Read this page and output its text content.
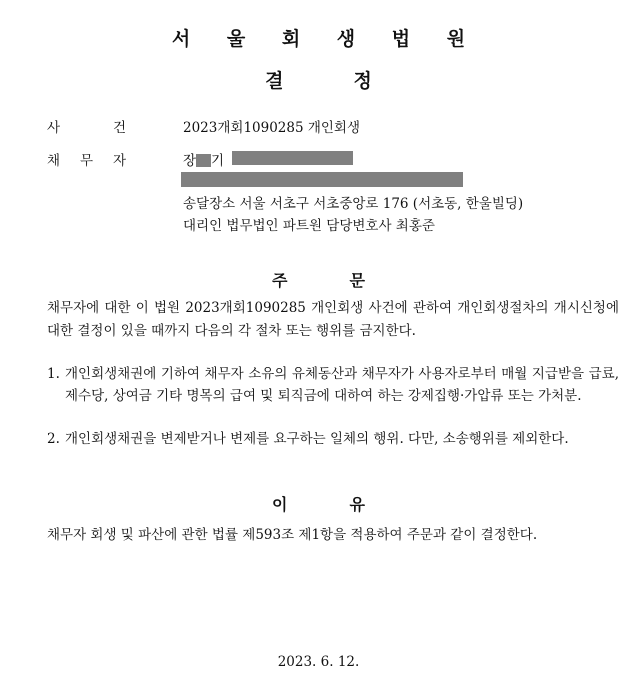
서 울 회 생 법 원
결	정
사	건	2023개회1090285 개인회생
채 무 자	장 기
송달장소 서울 서초구 서초중앙로 176 (서초동, 한울빌딩)
대리인 법무법인 파트원 담당변호사 최홍준
주	문
채무자에 대한 이 법원 2023개회1090285 개인회생 사건에 관하여 개인회생절차의 개시신청에 대한 결정이 있을 때까지 다음의 각 절차 또는 행위를 금지한다.
1. 개인회생채권에 기하여 채무자 소유의 유체동산과 채무자가 사용자로부터 매월 지급받을 급료, 제수당, 상여금 기타 명목의 급여 및 퇴직금에 대하여 하는 강제집행·가압류 또는 가처분.
2. 개인회생채권을 변제받거나 변제를 요구하는 일체의 행위. 다만, 소송행위를 제외한다.
이	유
채무자 회생 및 파산에 관한 법률 제593조 제1항을 적용하여 주문과 같이 결정한다.
2023. 6. 12.
